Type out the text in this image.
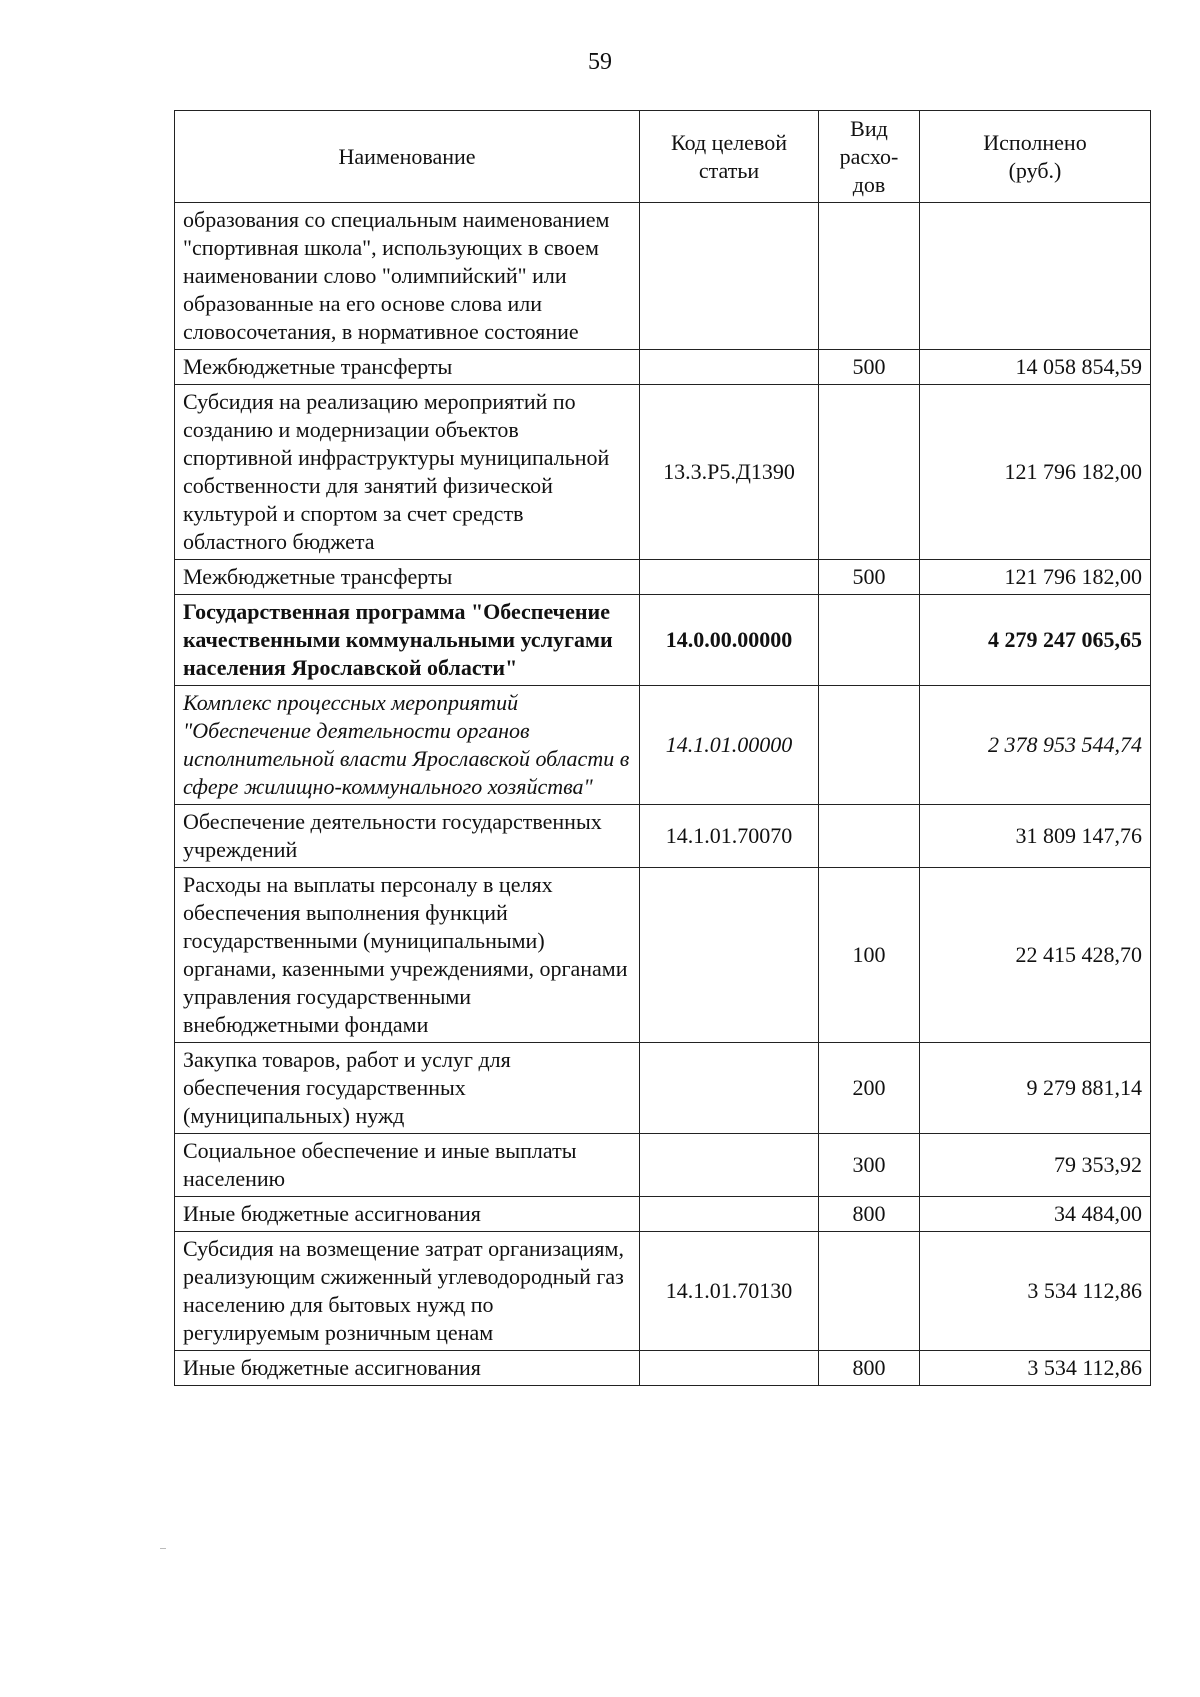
59
Наименование	Код целевой статьи	Вид расхо-дов	Исполнено (руб.)
образования со специальным наименованием "спортивная школа", использующих в своем наименовании слово "олимпийский" или образованные на его основе слова или словосочетания, в нормативное состояние			
Межбюджетные трансферты		500	14 058 854,59
Субсидия на реализацию мероприятий по созданию и модернизации объектов спортивной инфраструктуры муниципальной собственности для занятий физической культурой и спортом за счет средств областного бюджета	13.3.Р5.Д1390		121 796 182,00
Межбюджетные трансферты		500	121 796 182,00
Государственная программа "Обеспечение качественными коммунальными услугами населения Ярославской области"	14.0.00.00000		4 279 247 065,65
Комплекс процессных мероприятий "Обеспечение деятельности органов исполнительной власти Ярославской области в сфере жилищно-коммунального хозяйства"	14.1.01.00000		2 378 953 544,74
Обеспечение деятельности государственных учреждений	14.1.01.70070		31 809 147,76
Расходы на выплаты персоналу в целях обеспечения выполнения функций государственными (муниципальными) органами, казенными учреждениями, органами управления государственными внебюджетными фондами		100	22 415 428,70
Закупка товаров, работ и услуг для обеспечения государственных (муниципальных) нужд		200	9 279 881,14
Социальное обеспечение и иные выплаты населению		300	79 353,92
Иные бюджетные ассигнования		800	34 484,00
Субсидия на возмещение затрат организациям, реализующим сжиженный углеводородный газ населению для бытовых нужд по регулируемым розничным ценам	14.1.01.70130		3 534 112,86
Иные бюджетные ассигнования		800	3 534 112,86
